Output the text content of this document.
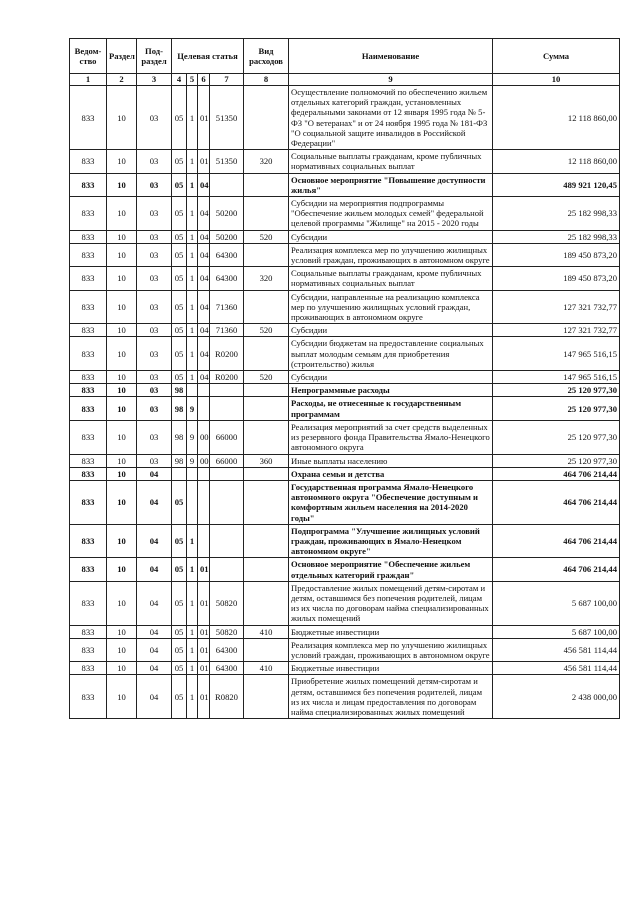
Ведом-ство	Раздел	Под-раздел	Целевая статья				Вид расходов	Наименование	Сумма
1	2	3	4	5	6	7	8	9	10
833	10	03	05	1	01	51350		Осуществление полномочий по обеспечению жильем отдельных категорий граждан, установленных федеральными законами от 12 января 1995 года № 5-ФЗ "О ветеранах" и от 24 ноября 1995 года № 181-ФЗ "О социальной защите инвалидов в Российской Федерации"	12 118 860,00
833	10	03	05	1	01	51350	320	Социальные выплаты гражданам, кроме публичных нормативных социальных выплат	12 118 860,00
833	10	03	05	1	04			Основное мероприятие "Повышение доступности жилья"	489 921 120,45
833	10	03	05	1	04	50200		Субсидии на мероприятия подпрограммы "Обеспечение жильем молодых семей" федеральной целевой программы "Жилище" на 2015 - 2020 годы	25 182 998,33
833	10	03	05	1	04	50200	520	Субсидии	25 182 998,33
833	10	03	05	1	04	64300		Реализация комплекса мер по улучшению жилищных условий граждан, проживающих в автономном округе	189 450 873,20
833	10	03	05	1	04	64300	320	Социальные выплаты гражданам, кроме публичных нормативных социальных выплат	189 450 873,20
833	10	03	05	1	04	71360		Субсидии, направленные на реализацию комплекса мер по улучшению жилищных условий граждан, проживающих в автономном округе	127 321 732,77
833	10	03	05	1	04	71360	520	Субсидии	127 321 732,77
833	10	03	05	1	04	R0200		Субсидии бюджетам на предоставление социальных выплат молодым семьям для приобретения (строительство) жилья	147 965 516,15
833	10	03	05	1	04	R0200	520	Субсидии	147 965 516,15
833	10	03	98					Непрограммные расходы	25 120 977,30
833	10	03	98	9				Расходы, не отнесенные к государственным программам	25 120 977,30
833	10	03	98	9	00	66000		Реализация мероприятий за счет средств выделенных из резервного фонда Правительства Ямало-Ненецкого автономного округа	25 120 977,30
833	10	03	98	9	00	66000	360	Иные выплаты населению	25 120 977,30
833	10	04						Охрана семьи и детства	464 706 214,44
833	10	04	05					Государственная программа Ямало-Ненецкого автономного округа "Обеспечение доступным и комфортным жильем населения на 2014-2020 годы"	464 706 214,44
833	10	04	05	1				Подпрограмма "Улучшение жилищных условий граждан, проживающих в Ямало-Ненецком автономном округе"	464 706 214,44
833	10	04	05	1	01			Основное мероприятие "Обеспечение жильем отдельных категорий граждан"	464 706 214,44
833	10	04	05	1	01	50820		Предоставление жилых помещений детям-сиротам и детям, оставшимся без попечения родителей, лицам из их числа по договорам найма специализированных жилых помещений	5 687 100,00
833	10	04	05	1	01	50820	410	Бюджетные инвестиции	5 687 100,00
833	10	04	05	1	01	64300		Реализация комплекса мер по улучшению жилищных условий граждан, проживающих в автономном округе	456 581 114,44
833	10	04	05	1	01	64300	410	Бюджетные инвестиции	456 581 114,44
833	10	04	05	1	01	R0820		Приобретение жилых помещений детям-сиротам и детям, оставшимся без попечения родителей, лицам из их числа и лицам предоставления по договорам найма специализированных жилых помещений	2 438 000,00
